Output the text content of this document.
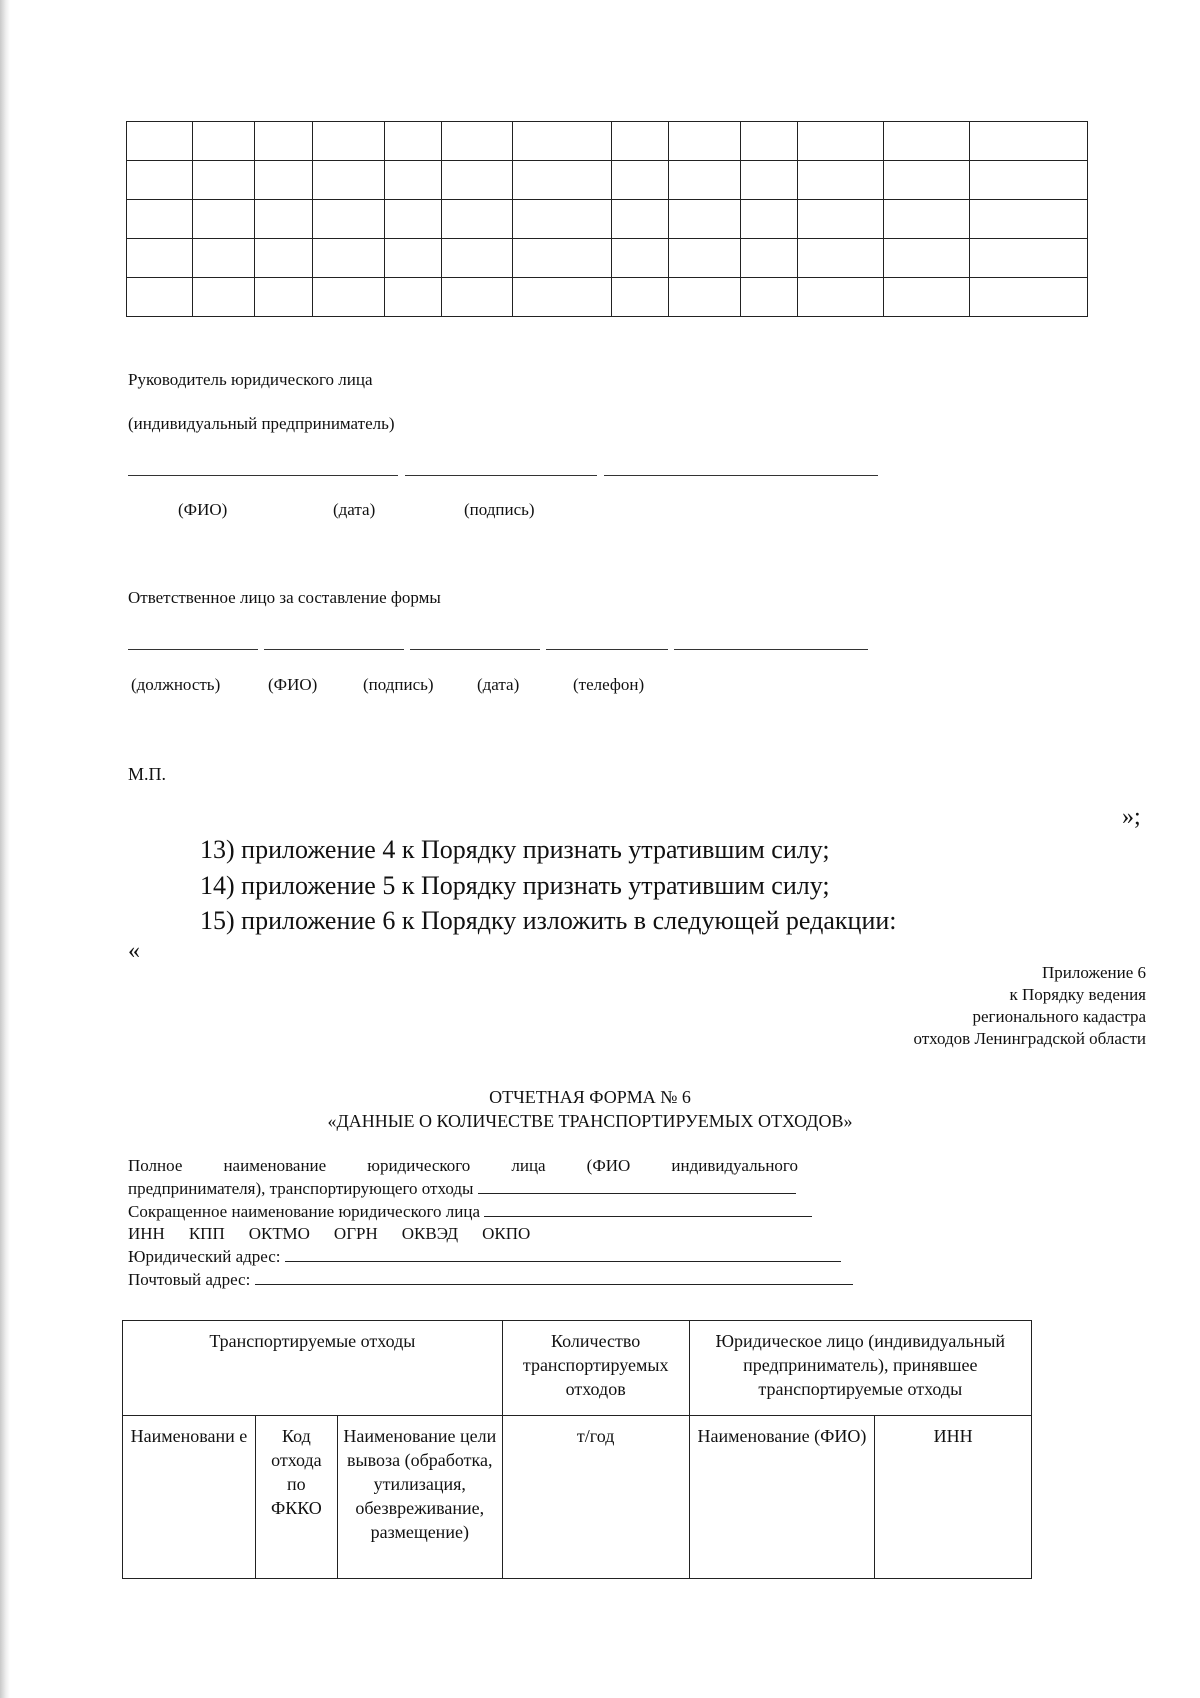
Руководитель юридического лица
(индивидуальный предприниматель)
(ФИО)	(дата)	(подпись)
Ответственное лицо за составление формы
(должность)	(ФИО)	(подпись)	(дата)	(телефон)
М.П.
»;
13) приложение 4 к Порядку признать утратившим силу;
14) приложение 5 к Порядку признать утратившим силу;
15) приложение 6 к Порядку изложить в следующей редакции:
«
Приложение 6
к Порядку ведения
регионального кадастра
отходов Ленинградской области
ОТЧЕТНАЯ ФОРМА № 6
«ДАННЫЕ О КОЛИЧЕСТВЕ ТРАНСПОРТИРУЕМЫХ ОТХОДОВ»
Полное наименование юридического лица (ФИО индивидуального
предпринимателя), транспортирующего отходы
Сокращенное наименование юридического лица
ИНН КПП ОКТМО ОГРН ОКВЭД ОКПО
Юридический адрес:
Почтовый адрес:
Транспортируемые отходы			Количество транспортируемых отходов	Юридическое лицо (индивидуальный предприниматель), принявшее транспортируемые отходы	
Наименовани е	Код отхода по ФККО	Наименование цели вывоза (обработка, утилизация, обезвреживание, размещение)	т/год	Наименование (ФИО)	ИНН
